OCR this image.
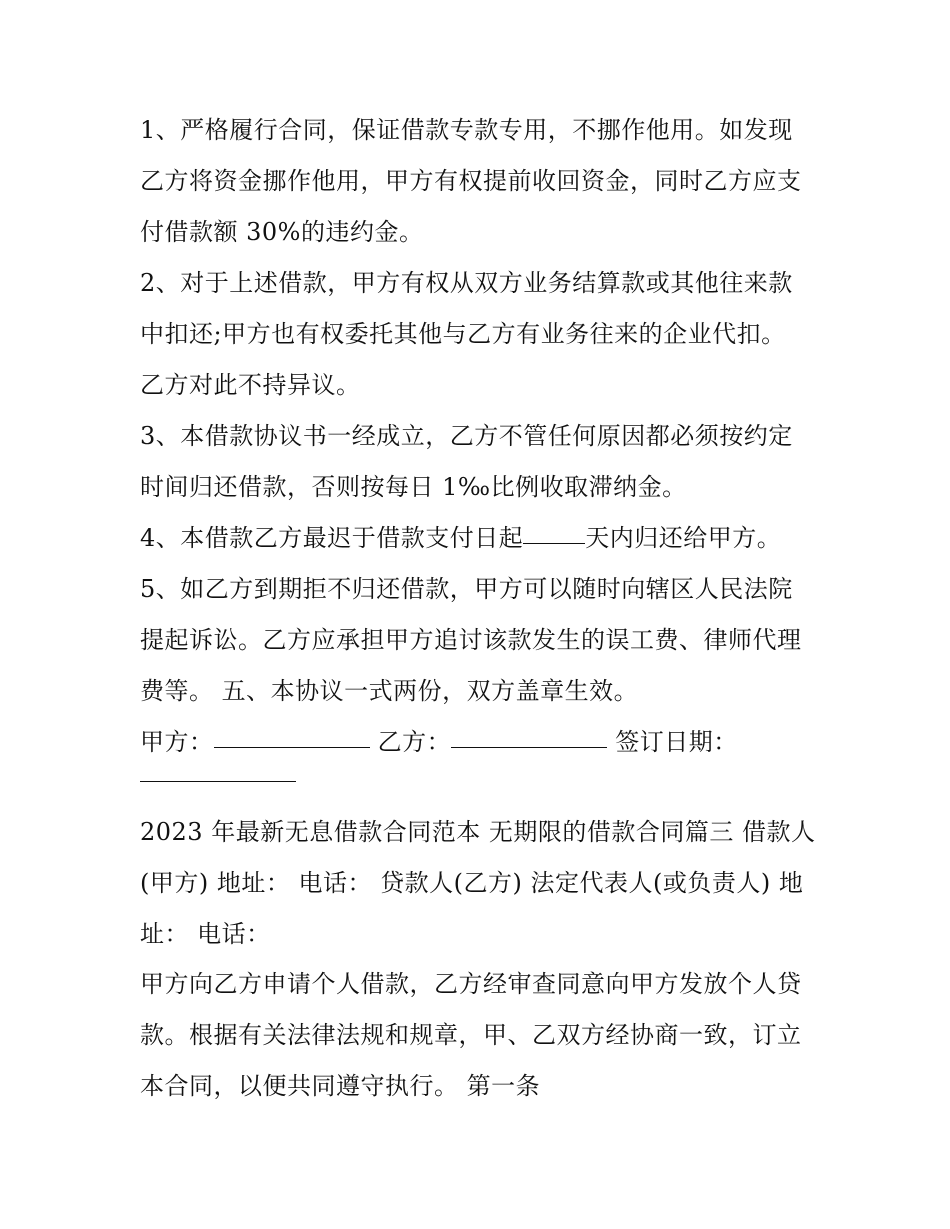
1、严格履行合同，保证借款专款专用，不挪作他用。如发现
乙方将资金挪作他用，甲方有权提前收回资金，同时乙方应支
付借款额 30%的违约金。
2、对于上述借款，甲方有权从双方业务结算款或其他往来款
中扣还;甲方也有权委托其他与乙方有业务往来的企业代扣。
乙方对此不持异议。
3、本借款协议书一经成立，乙方不管任何原因都必须按约定
时间归还借款，否则按每日 1‰比例收取滞纳金。
4、本借款乙方最迟于借款支付日起	天内归还给甲方。
5、如乙方到期拒不归还借款，甲方可以随时向辖区人民法院
提起诉讼。乙方应承担甲方追讨该款发生的误工费、律师代理
费等。 五、本协议一式两份，双方盖章生效。
甲方：	乙方：	签订日期：
2023 年最新无息借款合同范本 无期限的借款合同篇三 借款人
(甲方) 地址： 电话： 贷款人(乙方) 法定代表人(或负责人) 地
址： 电话：
甲方向乙方申请个人借款，乙方经审查同意向甲方发放个人贷
款。根据有关法律法规和规章，甲、乙双方经协商一致，订立
本合同，以便共同遵守执行。 第一条
